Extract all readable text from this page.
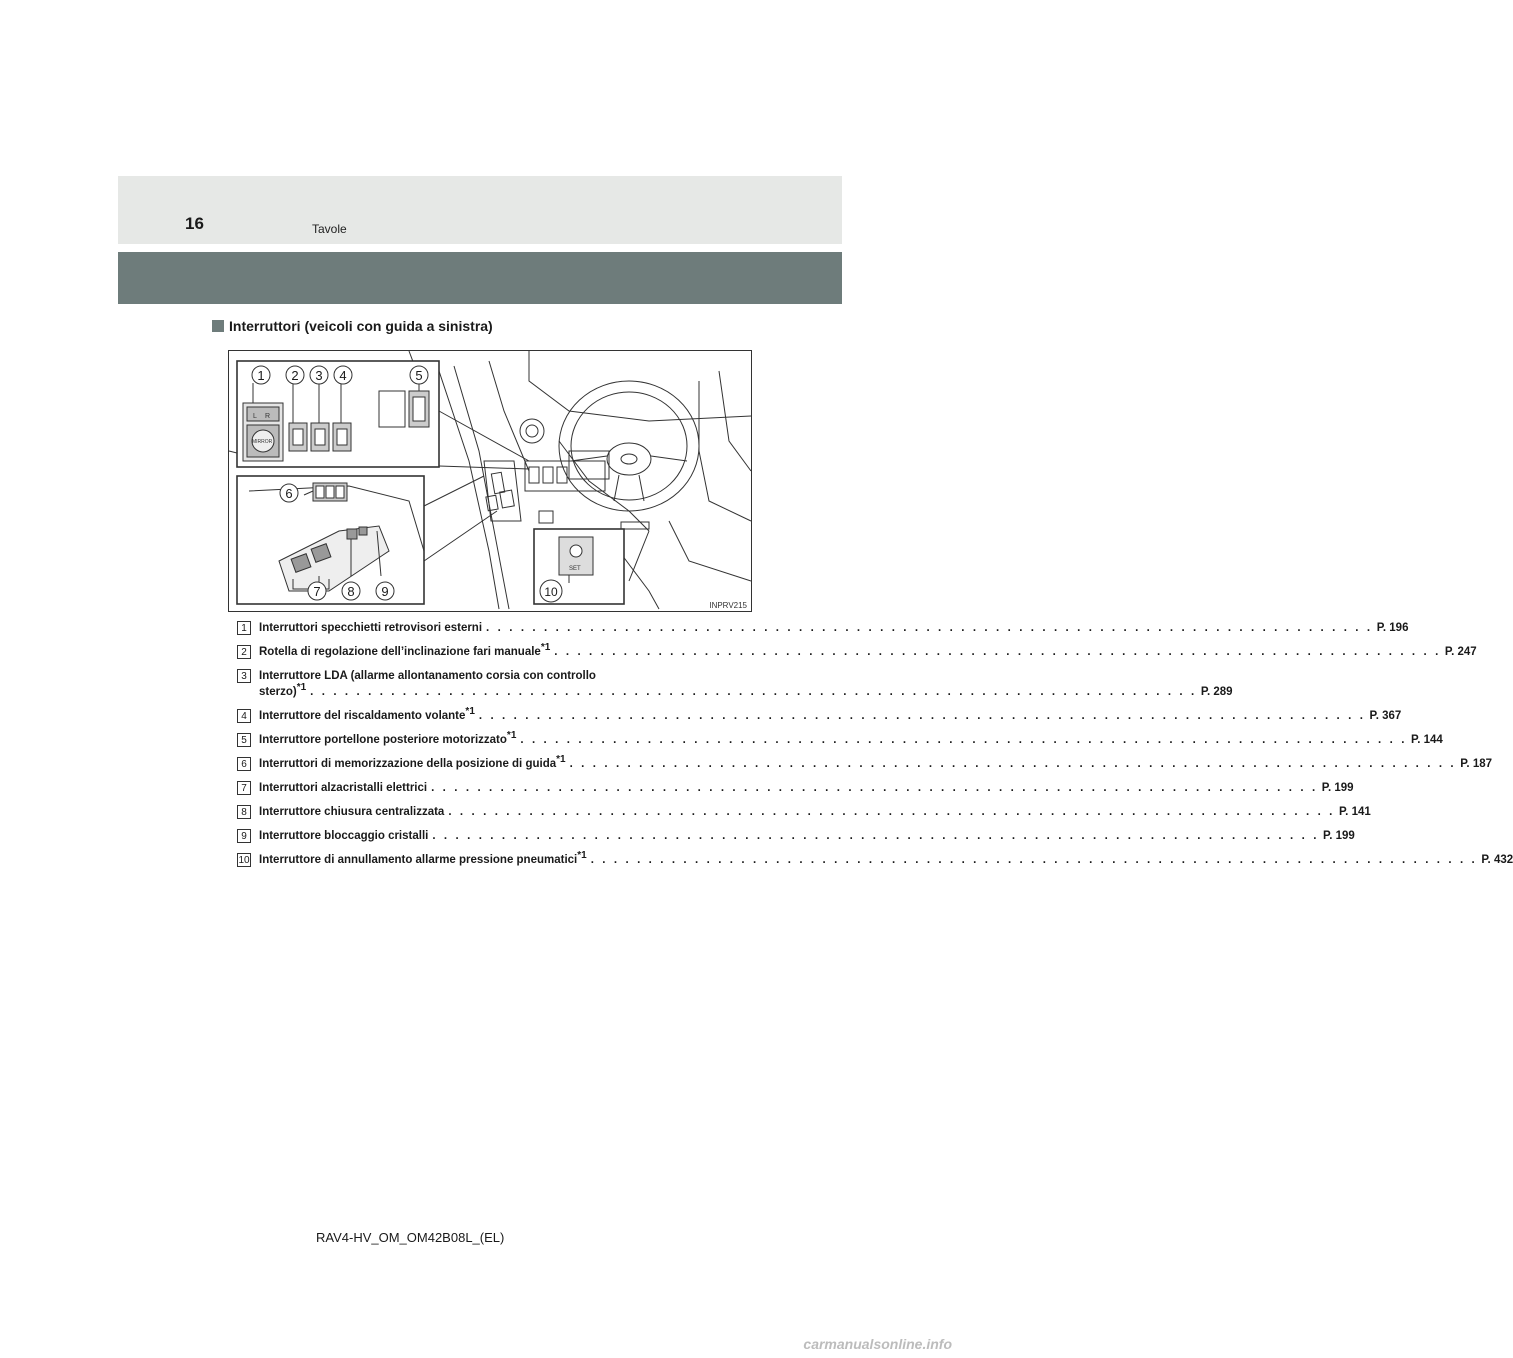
16	Tavole
Interruttori (veicoli con guida a sinistra)
L R
MIRROR
SET
1 2 3 4	5
6
7 8 9	10
INPRV215
1	Interruttori specchietti retrovisori esterni . . .	P. 196
2	Rotella di regolazione dell’inclinazione fari manuale*1 . . .	P. 247
3	Interruttore LDA (allarme allontanamento corsia con controllo
sterzo)*1 . . .	P. 289
4	Interruttore del riscaldamento volante*1 . . .	P. 367
5	Interruttore portellone posteriore motorizzato*1 . . .	P. 144
6	Interruttori di memorizzazione della posizione di guida*1 . . .	P. 187
7	Interruttori alzacristalli elettrici . . .	P. 199
8	Interruttore chiusura centralizzata . . .	P. 141
9	Interruttore bloccaggio cristalli . . .	P. 199
10 Interruttore di annullamento allarme pressione pneumatici*1 . . .	P. 432
RAV4-HV_OM_OM42B08L_(EL)
carmanualsonline.info
